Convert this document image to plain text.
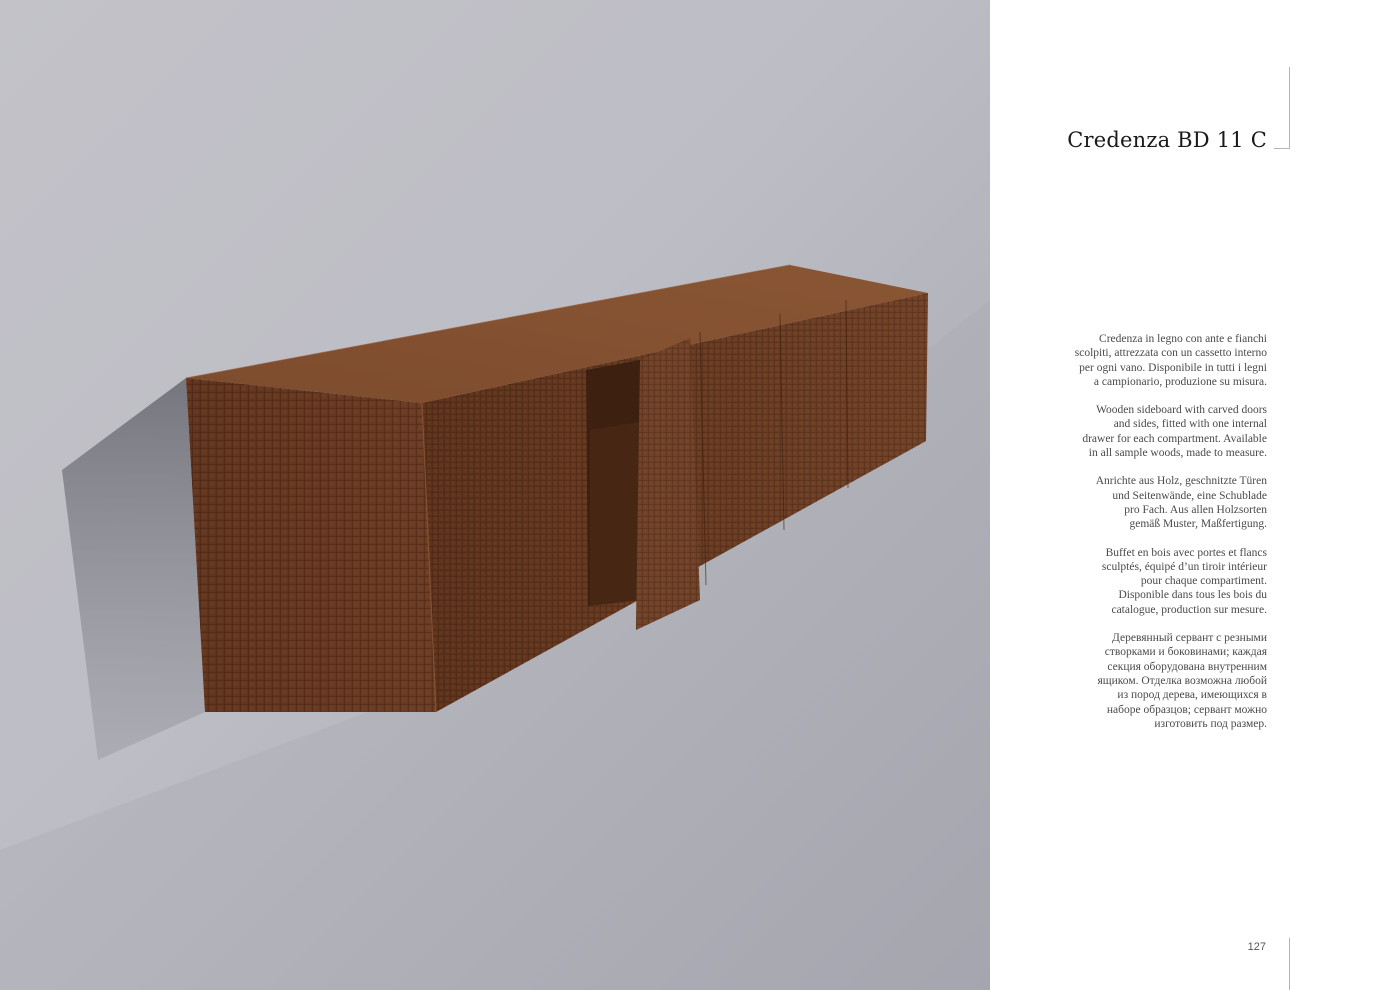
Credenza BD 11 C
Credenza in legno con ante e fianchi
scolpiti, attrezzata con un cassetto interno
per ogni vano. Disponibile in tutti i legni
a campionario, produzione su misura.
Wooden sideboard with carved doors
and sides, fitted with one internal
drawer for each compartment. Available
in all sample woods, made to measure.
Anrichte aus Holz, geschnitzte Türen
und Seitenwände, eine Schublade
pro Fach. Aus allen Holzsorten
gemäß Muster, Maßfertigung.
Buffet en bois avec portes et flancs
sculptés, équipé d’un tiroir intérieur
pour chaque compartiment.
Disponible dans tous les bois du
catalogue, production sur mesure.
Деревянный сервант с резными
створками и боковинами; каждая
секция оборудована внутренним
ящиком. Отделка возможна любой
из пород дерева, имеющихся в
наборе образцов; сервант можно
изготовить под размер.
127
